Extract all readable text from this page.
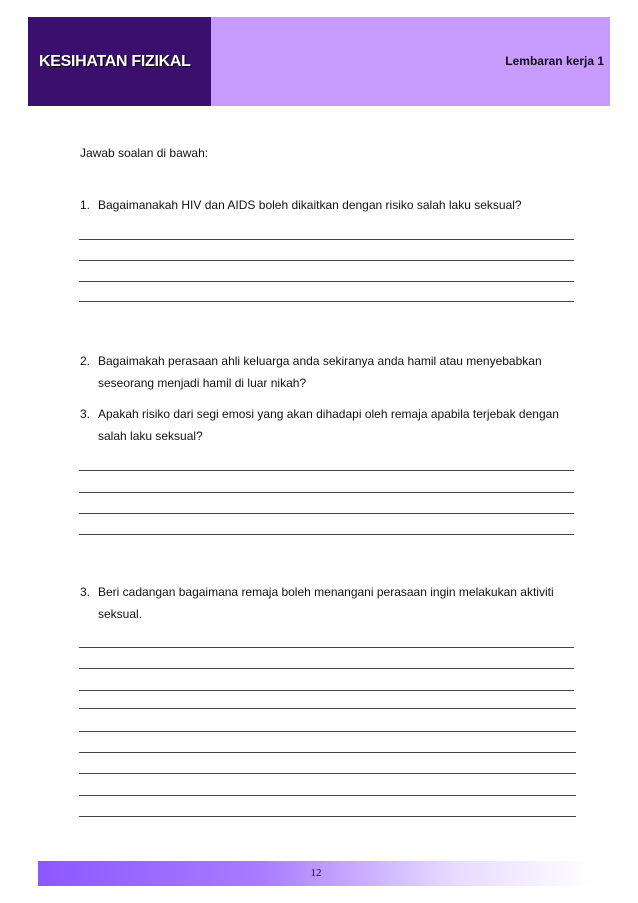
KESIHATAN FIZIKAL	Lembaran kerja 1
Jawab soalan di bawah:
1. Bagaimanakah HIV dan AIDS boleh dikaitkan dengan risiko salah laku seksual?
2. Bagaimakah perasaan ahli keluarga anda sekiranya anda hamil atau menyebabkan seseorang menjadi hamil di luar nikah?
3. Apakah risiko dari segi emosi yang akan dihadapi oleh remaja apabila terjebak dengan salah laku seksual?
3. Beri cadangan bagaimana remaja boleh menangani perasaan ingin melakukan aktiviti seksual.
12
